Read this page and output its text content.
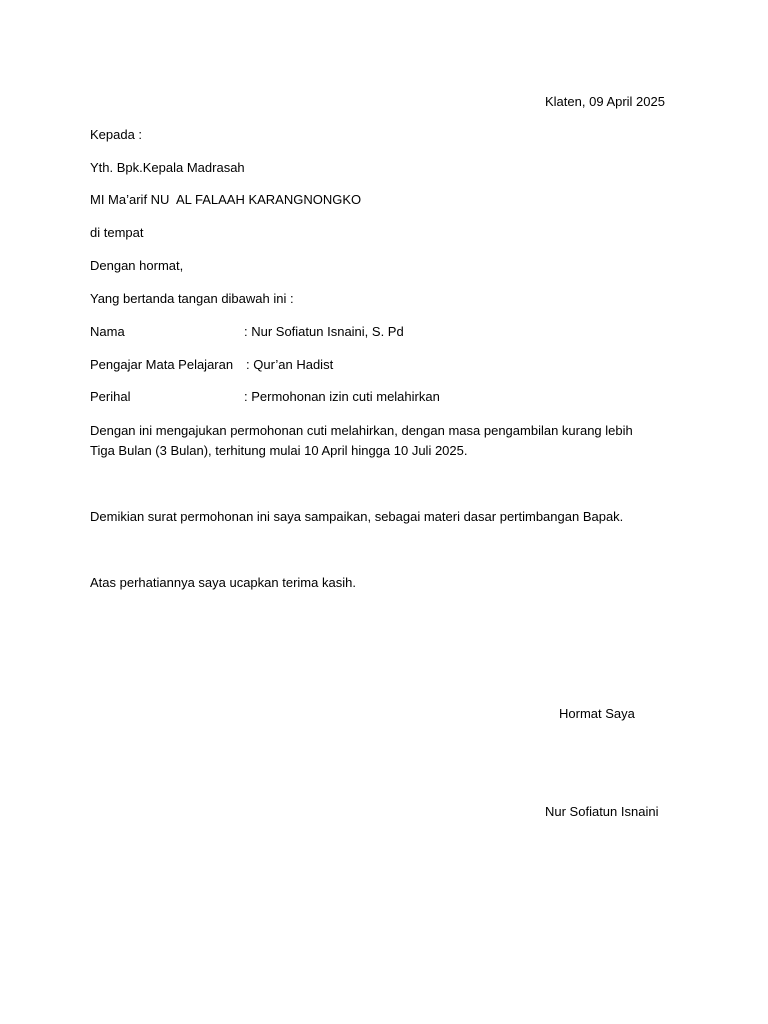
Klaten, 09 April 2025

Kepada :

Yth. Bpk.Kepala Madrasah

MI Ma’arif NU  AL FALAAH KARANGNONGKO

di tempat

Dengan hormat,

Yang bertanda tangan dibawah ini :

Nama	: Nur Sofiatun Isnaini, S. Pd
Pengajar Mata Pelajaran : Qur’an Hadist
Perihal	: Permohonan izin cuti melahirkan

Dengan ini mengajukan permohonan cuti melahirkan, dengan masa pengambilan kurang lebih Tiga Bulan (3 Bulan), terhitung mulai 10 April hingga 10 Juli 2025.

Demikian surat permohonan ini saya sampaikan, sebagai materi dasar pertimbangan Bapak.

Atas perhatiannya saya ucapkan terima kasih.

Hormat Saya

Nur Sofiatun Isnaini
